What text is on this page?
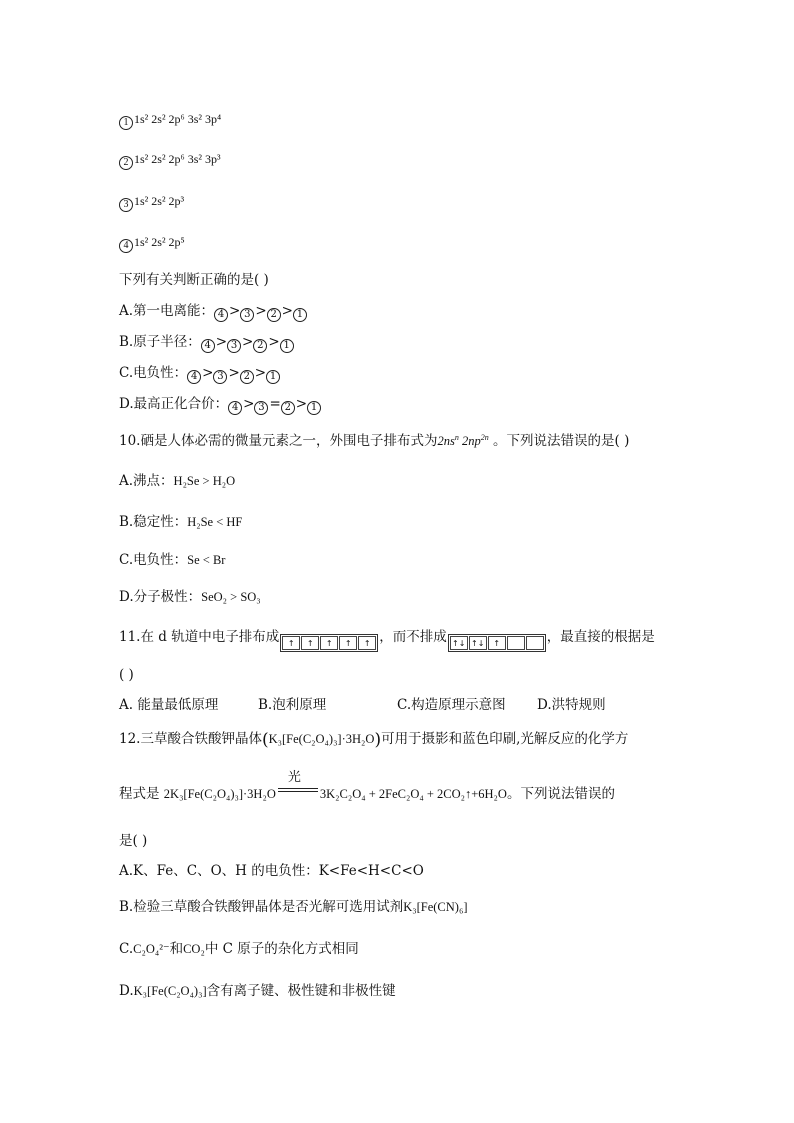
1 1s² 2s² 2p⁶ 3s² 3p⁴
2 1s² 2s² 2p⁶ 3s² 3p³
3 1s² 2s² 2p³
4 1s² 2s² 2p⁵
下列有关判断正确的是( )
A.第一电离能： 4 > 3 > 2 > 1
B.原子半径： 4 > 3 > 2 > 1
C.电负性： 4 > 3 > 2 > 1
D.最高正化合价： 4 > 3 = 2 > 1
10.硒是人体必需的微量元素之一，外围电子排布式为$2ns^n$ $2np^{2n}$ 。下列说法错误的是( )
A.沸点：H₂Se > H₂O
B.稳定性：H₂Se < HF
C.电负性：Se < Br
D.分子极性：SeO₂ > SO₃
11.在 d 轨道中电子排布成	↑	↑	↑	↑	↑ ，而不排成 ↑↓ ↑↓	↑	，最直接的根据是
( )
A. 能量最低原理	B.泡利原理	C.构造原理示意图 D.洪特规则
12.三草酸合铁酸钾晶体(K₃[Fe(C₂O₄)₃]·3H₂O)可用于摄影和蓝色印刷,光解反应的化学方
程式是 2K₃[Fe(C₂O₄)₃]·3H₂O
光
3K₂C₂O₄ + 2FeC₂O₄ + 2CO₂↑+6H₂O。下列说法错误的
是( )
A.K、Fe、C、O、H 的电负性：K<Fe<H<C<O
B.检验三草酸合铁酸钾晶体是否光解可选用试剂K₃[Fe(CN)₆]
C.C₂O₄²⁻和CO₂中 C 原子的杂化方式相同
D.K₃[Fe(C₂O₄)₃]含有离子键、极性键和非极性键
